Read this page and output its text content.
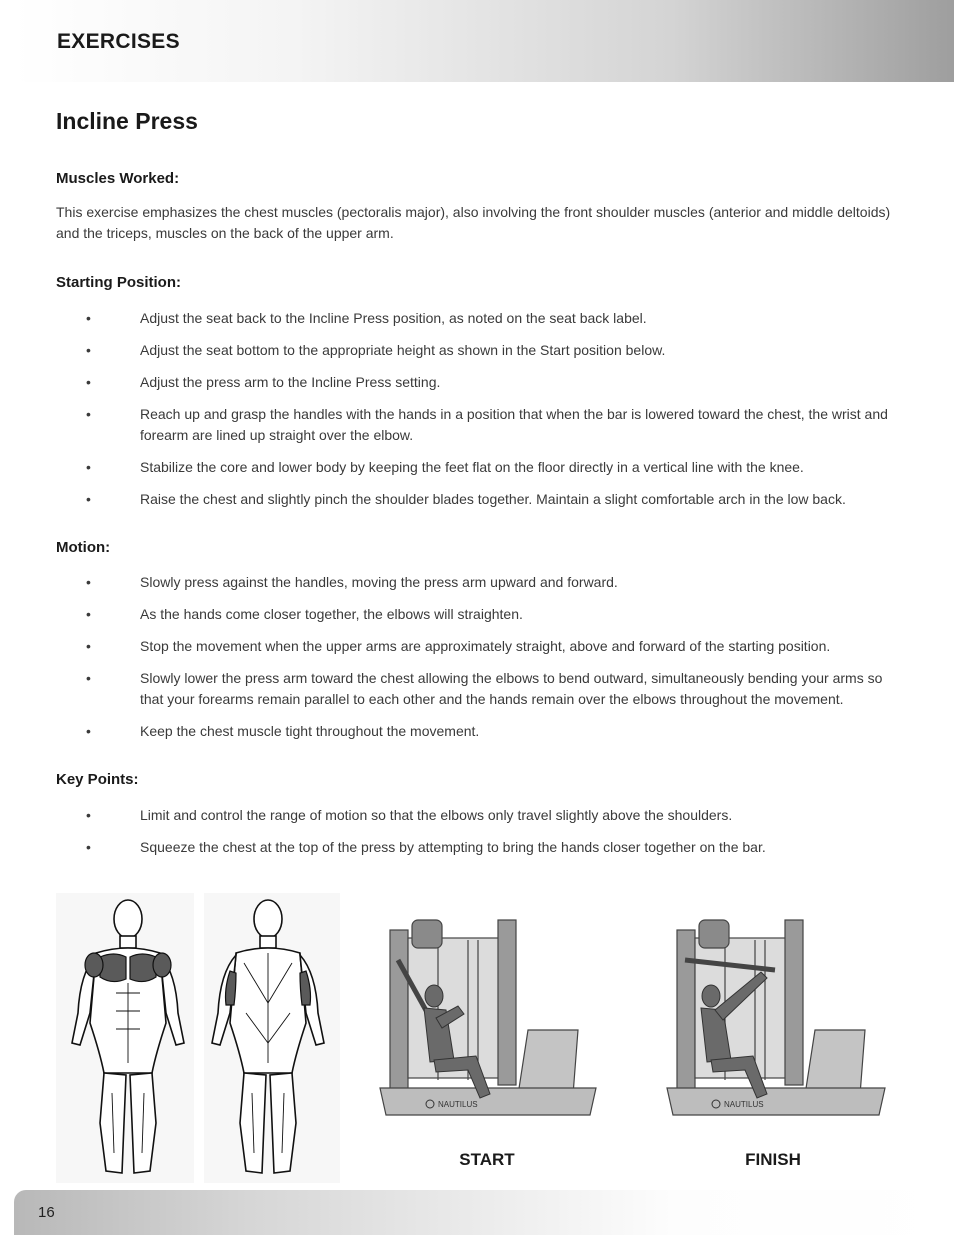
EXERCISES
Incline Press
Muscles Worked:

This exercise emphasizes the chest muscles (pectoralis major), also involving the front shoulder muscles (anterior and middle deltoids) and the triceps, muscles on the back of the upper arm.

Starting Position:
•	Adjust the seat back to the Incline Press position, as noted on the seat back label.
•	Adjust the seat bottom to the appropriate height as shown in the Start position below.
•	Adjust the press arm to the Incline Press setting.
•	Reach up and grasp the handles with the hands in a position that when the bar is lowered toward the chest, the wrist and forearm are lined up straight over the elbow.
•	Stabilize the core and lower body by keeping the feet flat on the floor directly in a vertical line with the knee.
•	Raise the chest and slightly pinch the shoulder blades together. Maintain a slight comfortable arch in the low back.
Motion:
•	Slowly press against the handles, moving the press arm upward and forward.
•	As the hands come closer together, the elbows will straighten.
•	Stop the movement when the upper arms are approximately straight, above and forward of the starting position.
•	Slowly lower the press arm toward the chest allowing the elbows to bend outward, simultaneously bending your arms so that your forearms remain parallel to each other and the hands remain over the elbows throughout the movement.
•	Keep the chest muscle tight throughout the movement.
Key Points:
•	Limit and control the range of motion so that the elbows only travel slightly above the shoulders.
•	Squeeze the chest at the top of the press by attempting to bring the hands closer together on the bar.
NAUTILUS	NAUTILUS

START	FINISH

16
